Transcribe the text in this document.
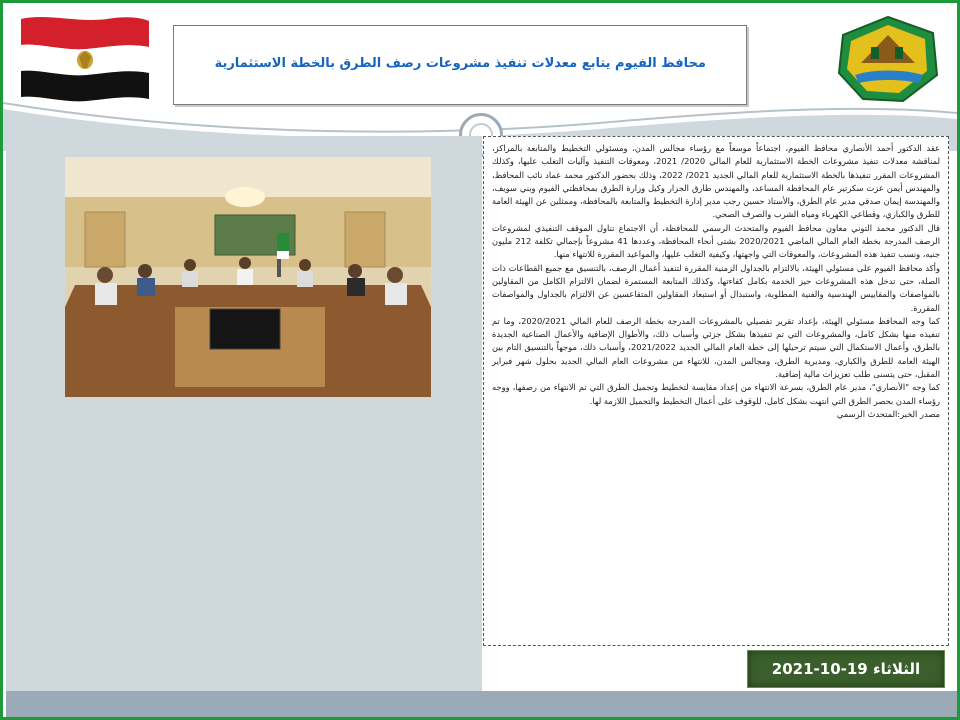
محافظ الفيوم يتابع معدلات تنفيذ مشروعات رصف الطرق بالخطة الاستثمارية

عقد الدكتور أحمد الأنصاري محافظ الفيوم، اجتماعاً موسعاً مع رؤساء مجالس المدن، ومسئولي التخطيط والمتابعة بالمراكز، لمناقشة معدلات تنفيذ مشروعات الخطة الاستثمارية للعام المالي 2020/ 2021، ومعوقات التنفيذ وآليات التغلب عليها، وكذلك المشروعات المقرر تنفيذها بالخطة الاستثمارية للعام المالي الجديد 2021/ 2022، وذلك بحضور الدكتور محمد عماد نائب المحافظ، والمهندس أيمن عزت سكرتير عام المحافظة المساعد، والمهندس طارق الجزار وكيل وزارة الطرق بمحافظتي الفيوم وبني سويف، والمهندسة إيمان صدقي مدير عام الطرق، والأستاذ حسين رجب مدير إدارة التخطيط والمتابعة بالمحافظة، وممثلين عن الهيئة العامة للطرق والكباري، وقطاعي الكهرباء ومياه الشرب والصرف الصحي.

قال الدكتور محمد التوني معاون محافظ الفيوم والمتحدث الرسمي للمحافظة، أن الاجتماع تناول الموقف التنفيذي لمشروعات الرصف المدرجة بخطة العام المالي الماضي 2020/2021 بشتى أنحاء المحافظة، وعددها 41 مشروعاً بإجمالي تكلفة 212 مليون جنيه، ونسب تنفيذ هذه المشروعات، والمعوقات التي واجهتها، وكيفية التغلب عليها، والمواعيد المقررة للانتهاء منها.

وأكد محافظ الفيوم على مسئولي الهيئة، بالالتزام بالجداول الزمنية المقررة لتنفيذ أعمال الرصف، بالتنسيق مع جميع القطاعات ذات الصلة، حتى تدخل هذه المشروعات حيز الخدمة بكامل كفاءتها، وكذلك المتابعة المستمرة لضمان الالتزام الكامل من المقاولين بالمواصفات والمقاييس الهندسية والفنية المطلوبة، واستبدال أو استبعاد المقاولين المتقاعسين عن الالتزام بالجداول والمواصفات المقررة.

كما وجه المحافظ مسئولي الهيئة، بإعداد تقرير تفصيلي بالمشروعات المدرجة بخطة الرصف للعام المالي 2020/2021، وما تم تنفيذه منها بشكل كامل، والمشروعات التي تم تنفيذها بشكل جزئي وأسباب ذلك، والأطوال الإضافية والأعمال الصناعية الجديدة بالطرق، وأعمال الاستكمال التي سيتم ترحيلها إلى خطة العام المالي الجديد 2021/2022، وأسباب ذلك، موجهاً بالتنسيق التام بين الهيئة العامة للطرق والكباري، ومديرية الطرق، ومجالس المدن، للانتهاء من مشروعات العام المالي الجديد بحلول شهر فبراير المقبل، حتى يتسنى طلب تعزيزات مالية إضافية.

كما وجه "الأنصاري"، مدير عام الطرق، بسرعة الانتهاء من إعداد مقايسة لتخطيط وتجميل الطرق التي تم الانتهاء من رصفها، ووجه رؤساء المدن بحصر الطرق التي انتهت بشكل كامل، للوقوف على أعمال التخطيط والتجميل اللازمة لها.

مصدر الخبر:المتحدث الرسمي

الثلاثاء 19-10-2021
